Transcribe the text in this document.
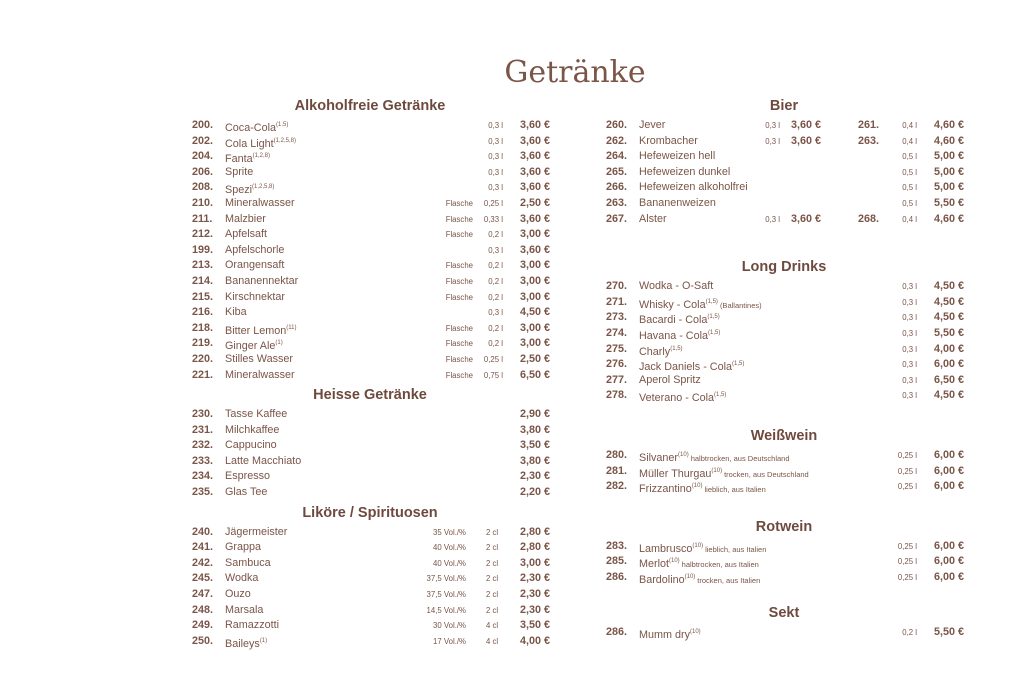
Getränke
Alkoholfreie Getränke
200. Coca-Cola$^{(1.5)}$	0,3 l	3,60 €
202. Cola Light$^{(1,2,5,8)}$	0,3 l	3,60 €
204. Fanta$^{(1,2,8)}$	0,3 l	3,60 €
206. Sprite	0,3 l	3,60 €
208. Spezi$^{(1,2,5,8)}$	0,3 l	3,60 €
210. Mineralwasser	Flasche 0,25 l	2,50 €
211. Malzbier	Flasche 0,33 l	3,60 €
212. Apfelsaft	Flasche 0,2 l	3,00 €
199. Apfelschorle	0,3 l	3,60 €
213. Orangensaft	Flasche 0,2 l	3,00 €
214. Bananennektar	Flasche 0,2 l	3,00 €
215. Kirschnektar	Flasche 0,2 l	3,00 €
216. Kiba	0,3 l	4,50 €
218. Bitter Lemon$^{(11)}$	Flasche 0,2 l	3,00 €
219. Ginger Ale$^{(1)}$	Flasche 0,2 l	3,00 €
220. Stilles Wasser	Flasche 0,25 l	2,50 €
221. Mineralwasser	Flasche 0,75 l	6,50 €
Heisse Getränke
230. Tasse Kaffee	2,90 €
231. Milchkaffee	3,80 €
232. Cappucino	3,50 €
233. Latte Macchiato	3,80 €
234. Espresso	2,30 €
235. Glas Tee	2,20 €
Liköre / Spirituosen
240. Jägermeister	35 Vol./%	2 cl	2,80 €
241. Grappa	40 Vol./%	2 cl	2,80 €
242. Sambuca	40 Vol./%	2 cl	3,00 €
245. Wodka	37,5 Vol./%	2 cl	2,30 €
247. Ouzo	37,5 Vol./%	2 cl	2,30 €
248. Marsala	14,5 Vol./%	2 cl	2,30 €
249. Ramazzotti	30 Vol./%	4 cl	3,50 €
250. Baileys$^{(1)}$	17 Vol./%	4 cl	4,00 €
Bier
260. Jever	0,3 l	3,60 €	261.	0,4 l	4,60 €
262. Krombacher	0,3 l	3,60 €	263.	0,4 l	4,60 €
264. Hefeweizen hell	0,5 l	5,00 €
265. Hefeweizen dunkel	0,5 l	5,00 €
266. Hefeweizen alkoholfrei	0,5 l	5,00 €
263. Bananenweizen	0,5 l	5,50 €
267. Alster	0,3 l	3,60 €	268.	0,4 l	4,60 €
Long Drinks
270. Wodka - O-Saft	0,3 l	4,50 €
271. Whisky - Cola$^{(1,5)}$ (Ballantines)	0,3 l	4,50 €
273. Bacardi - Cola$^{(1,5)}$	0,3 l	4,50 €
274. Havana - Cola$^{(1,5)}$	0,3 l	5,50 €
275. Charly$^{(1,5)}$	0,3 l	4,00 €
276. Jack Daniels - Cola$^{(1,5)}$	0,3 l	6,00 €
277. Aperol Spritz	0,3 l	6,50 €
278. Veterano - Cola$^{(1,5)}$	0,3 l	4,50 €
Weißwein
280. Silvaner$^{(10)}$ halbtrocken, aus Deutschland	0,25 l	6,00 €
281. Müller Thurgau$^{(10)}$ trocken, aus Deutschland	0,25 l	6,00 €
282. Frizzantino$^{(10)}$ lieblich, aus Italien	0,25 l	6,00 €
Rotwein
283. Lambrusco$^{(10)}$ lieblich, aus Italien	0,25 l	6,00 €
285. Merlot$^{(10)}$ halbtrocken, aus Italien	0,25 l	6,00 €
286. Bardolino$^{(10)}$ trocken, aus Italien	0,25 l	6,00 €
Sekt
286. Mumm dry$^{(10)}$	0,2 l	5,50 €
